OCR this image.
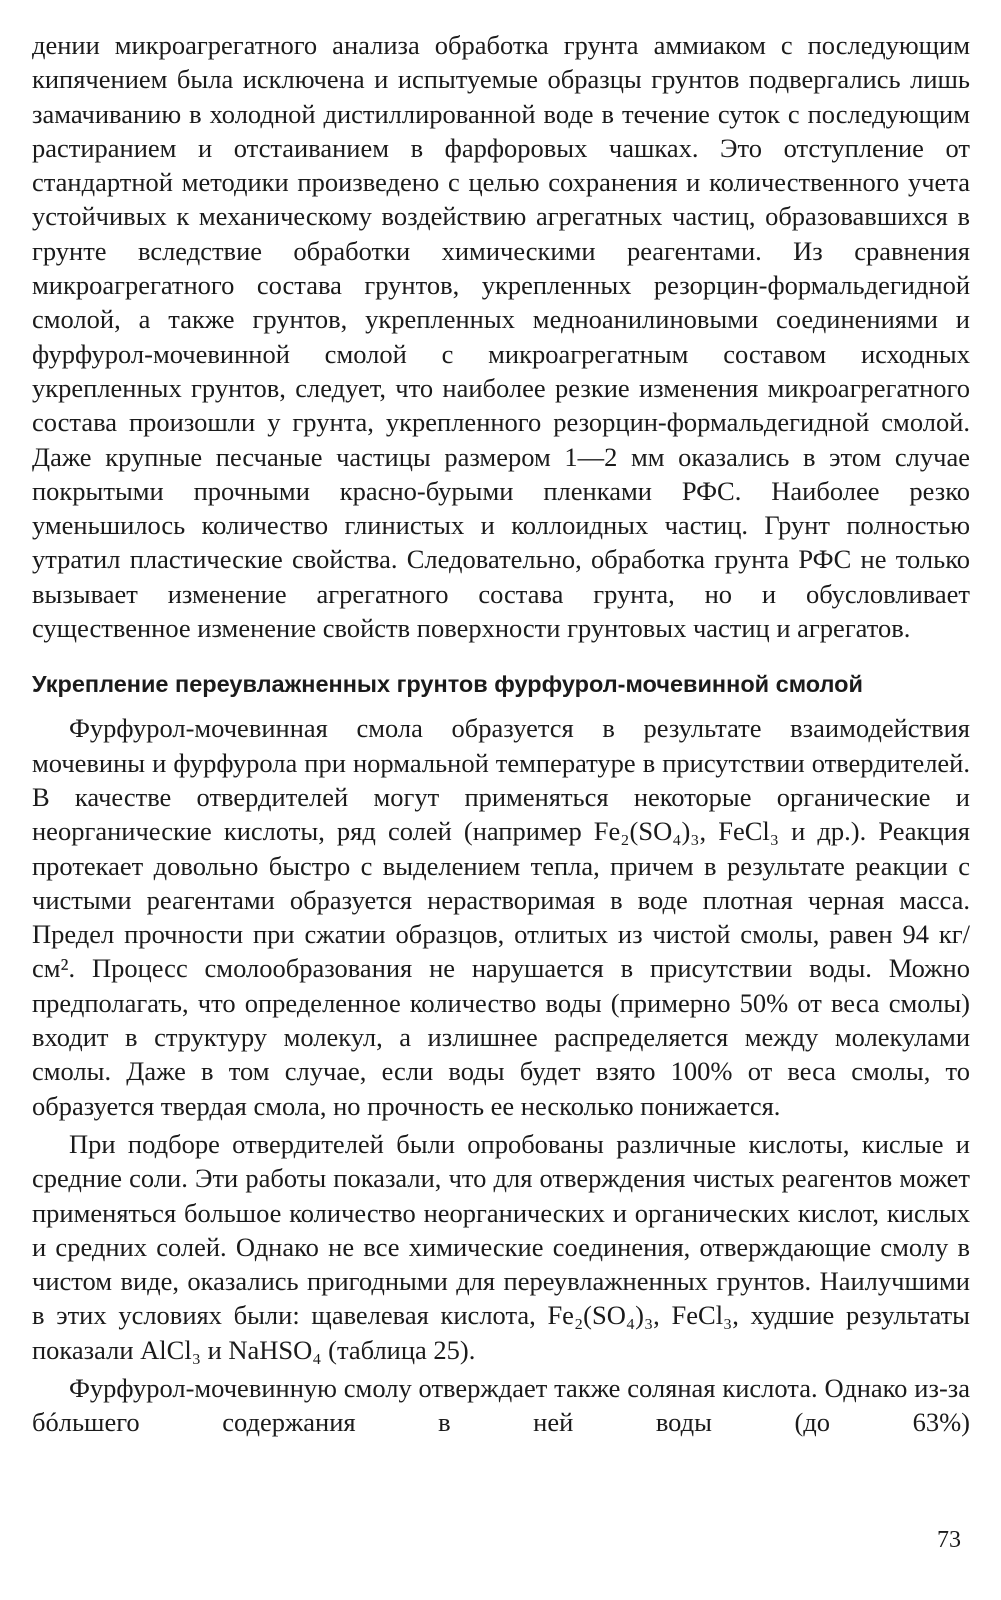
дении микроагрегатного анализа обработка грунта аммиаком с последующим кипячением была исключена и испытуемые образцы грунтов подвергались лишь замачиванию в холодной дистиллированной воде в течение суток с последующим растиранием и отстаиванием в фарфоровых чашках. Это отступление от стандартной методики произведено с целью сохранения и количественного учета устойчивых к механическому воздействию агрегатных частиц, образовавшихся в грунте вследствие обработки химическими реагентами. Из сравнения микроагрегатного состава грунтов, укрепленных резорцин-формальдегидной смолой, а также грунтов, укрепленных медноанилиновыми соединениями и фурфурол-мочевинной смолой с микроагрегатным составом исходных укрепленных грунтов, следует, что наиболее резкие изменения микроагрегатного состава произошли у грунта, укрепленного резорцин-формальдегидной смолой. Даже крупные песчаные частицы размером 1—2 мм оказались в этом случае покрытыми прочными красно-бурыми пленками РФС. Наиболее резко уменьшилось количество глинистых и коллоидных частиц. Грунт полностью утратил пластические свойства. Следовательно, обработка грунта РФС не только вызывает изменение агрегатного состава грунта, но и обусловливает существенное изменение свойств поверхности грунтовых частиц и агрегатов.

Укрепление переувлажненных грунтов фурфурол-мочевинной смолой

Фурфурол-мочевинная смола образуется в результате взаимодействия мочевины и фурфурола при нормальной температуре в присутствии отвердителей. В качестве отвердителей могут применяться некоторые органические и неорганические кислоты, ряд солей (например Fe₂(SO₄)₃, FeCl₃ и др.). Реакция протекает довольно быстро с выделением тепла, причем в результате реакции с чистыми реагентами образуется нерастворимая в воде плотная черная масса. Предел прочности при сжатии образцов, отлитых из чистой смолы, равен 94 кг/см². Процесс смолообразования не нарушается в присутствии воды. Можно предполагать, что определенное количество воды (примерно 50% от веса смолы) входит в структуру молекул, а излишнее распределяется между молекулами смолы. Даже в том случае, если воды будет взято 100% от веса смолы, то образуется твердая смола, но прочность ее несколько понижается.

При подборе отвердителей были опробованы различные кислоты, кислые и средние соли. Эти работы показали, что для отверждения чистых реагентов может применяться большое количество неорганических и органических кислот, кислых и средних солей. Однако не все химические соединения, отверждающие смолу в чистом виде, оказались пригодными для переувлажненных грунтов. Наилучшими в этих условиях были: щавелевая кислота, Fe₂(SO₄)₃, FeCl₃, худшие результаты показали AlCl₃ и NaHSO₄ (таблица 25).

Фурфурол-мочевинную смолу отверждает также соляная кислота. Однако из-за бóльшего содержания в ней воды (до 63%)

73
